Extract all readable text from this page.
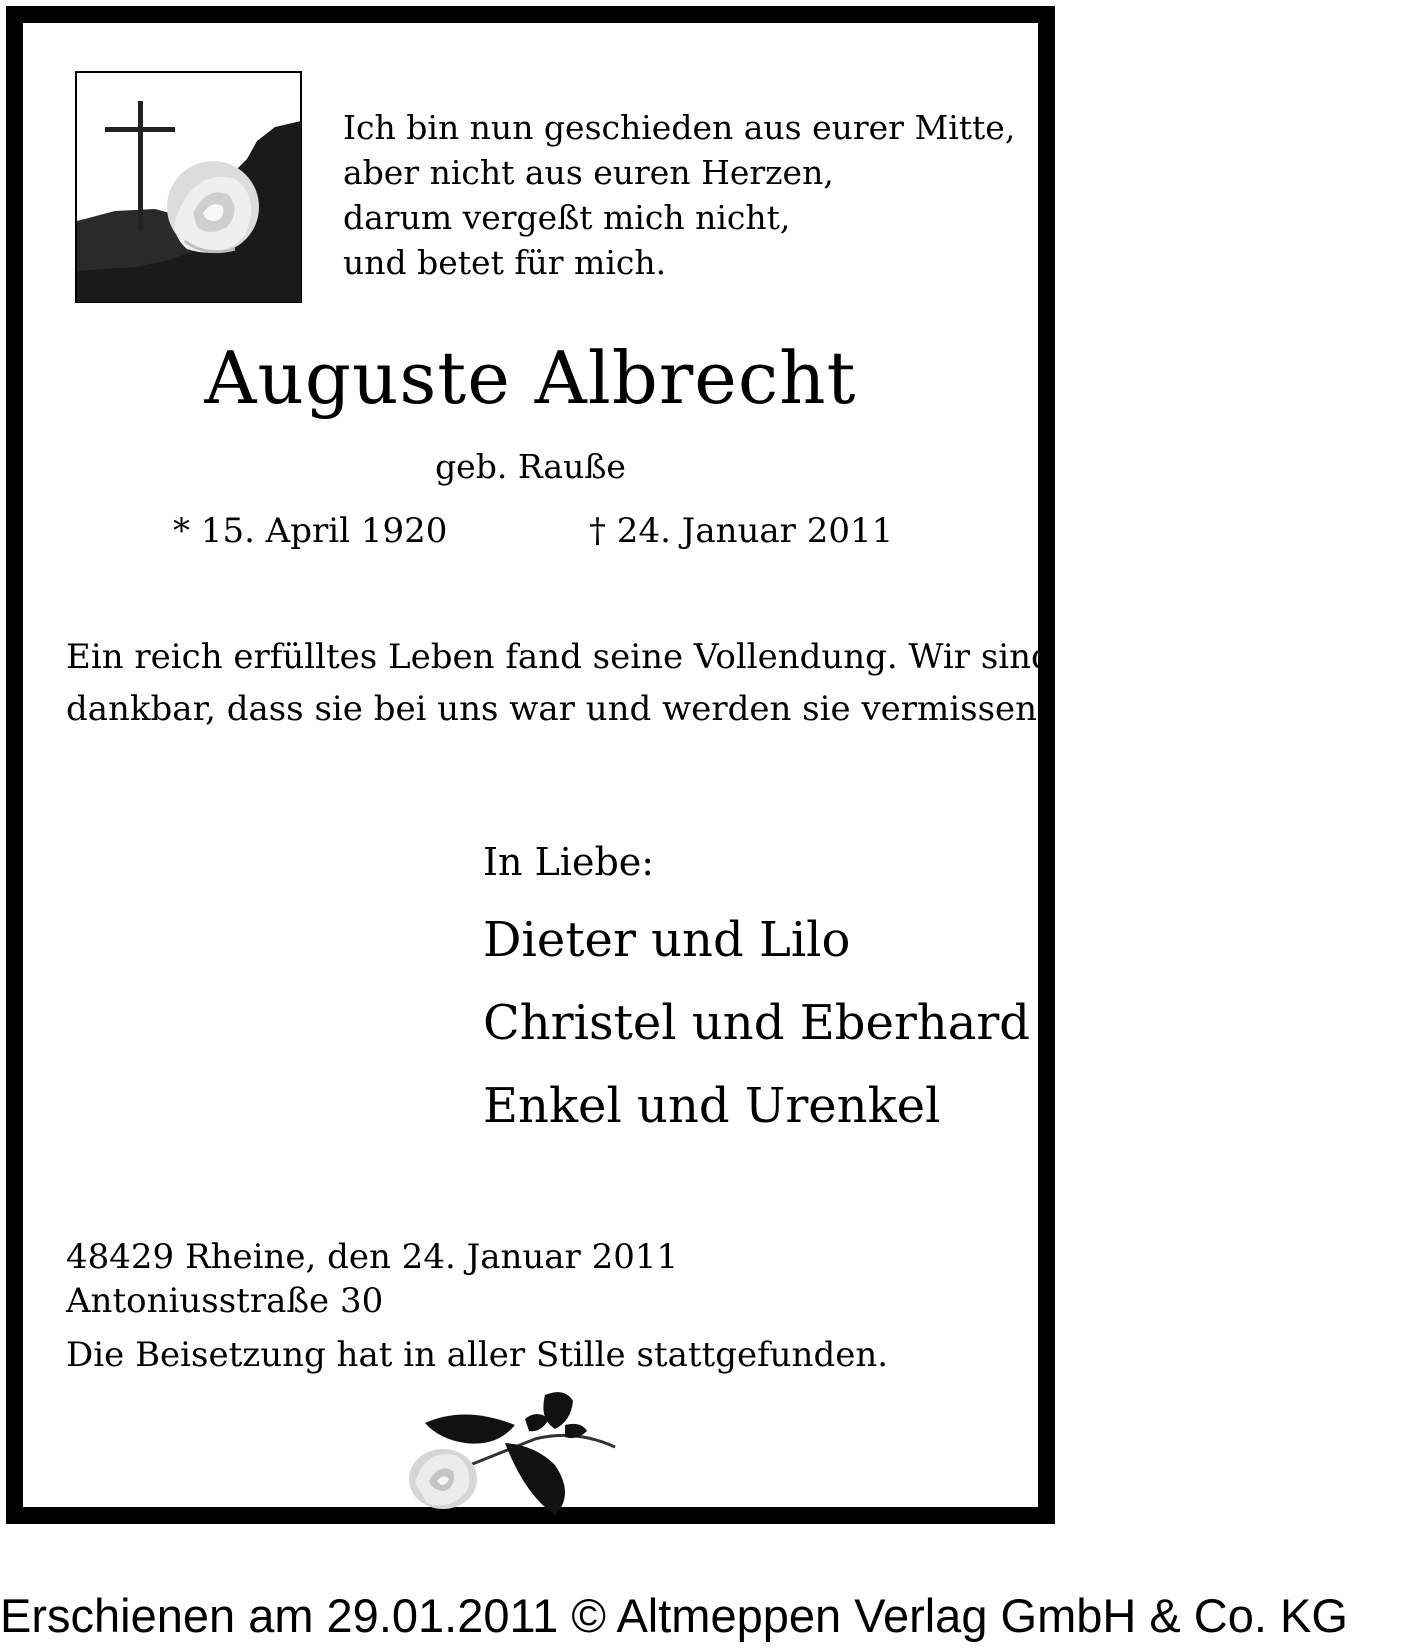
Ich bin nun geschieden aus eurer Mitte,
aber nicht aus euren Herzen,
darum vergeßt mich nicht,
und betet für mich.
Auguste Albrecht
geb. Rauße
* 15. April 1920	† 24. Januar 2011
Ein reich erfülltes Leben fand seine Vollendung. Wir sind
dankbar, dass sie bei uns war und werden sie vermissen.
In Liebe:
Dieter und Lilo
Christel und Eberhard
Enkel und Urenkel
48429 Rheine, den 24. Januar 2011
Antoniusstraße 30
Die Beisetzung hat in aller Stille stattgefunden.
Erschienen am 29.01.2011 © Altmeppen Verlag GmbH & Co. KG
